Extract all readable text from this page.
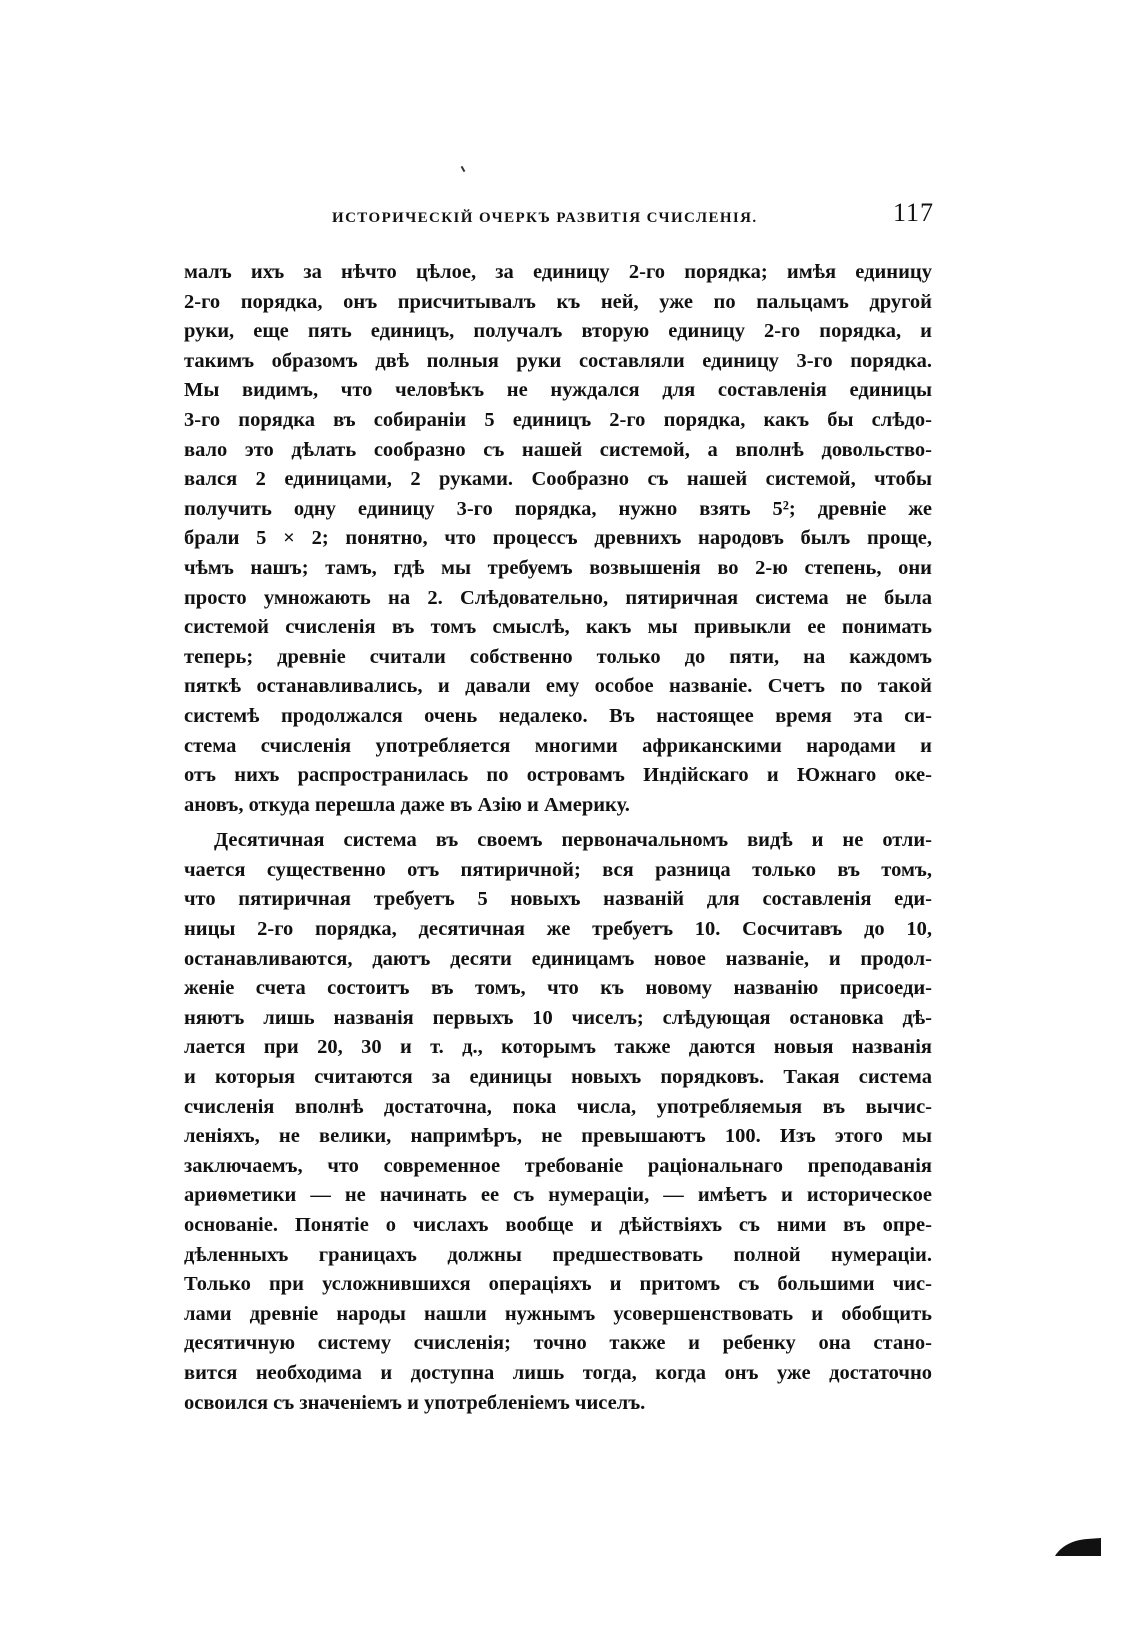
ИСТОРИЧЕСКІЙ ОЧЕРКЪ РАЗВИТІЯ СЧИСЛЕНІЯ.	117
малъ ихъ за нѣчто цѣлое, за единицу 2-го порядка; имѣя единицу
2-го порядка, онъ присчитывалъ къ ней, уже по пальцамъ другой
руки, еще пять единицъ, получалъ вторую единицу 2-го порядка, и
такимъ образомъ двѣ полныя руки составляли единицу 3-го порядка.
Мы видимъ, что человѣкъ не нуждался для составленія единицы
3-го порядка въ собираніи 5 единицъ 2-го порядка, какъ бы слѣдо-
вало это дѣлать сообразно съ нашей системой, а вполнѣ довольство-
вался 2 единицами, 2 руками. Сообразно съ нашей системой, чтобы
получить одну единицу 3-го порядка, нужно взять 5²; древніе же
брали 5 × 2; понятно, что процессъ древнихъ народовъ былъ проще,
чѣмъ нашъ; тамъ, гдѣ мы требуемъ возвышенія во 2-ю степень, они
просто умножають на 2. Слѣдовательно, пятиричная система не была
системой счисленія въ томъ смыслѣ, какъ мы привыкли ее понимать
теперь; древніе считали собственно только до пяти, на каждомъ
пяткѣ останавливались, и давали ему особое названіе. Счетъ по такой
системѣ продолжался очень недалеко. Въ настоящее время эта си-
стема счисленія употребляется многими африканскими народами и
отъ нихъ распространилась по островамъ Индійскаго и Южнаго оке-
ановъ, откуда перешла даже въ Азію и Америку.
Десятичная система въ своемъ первоначальномъ видѣ и не отли-
чается существенно отъ пятиричной; вся разница только въ томъ,
что пятиричная требуетъ 5 новыхъ названій для составленія еди-
ницы 2-го порядка, десятичная же требуетъ 10. Сосчитавъ до 10,
останавливаются, даютъ десяти единицамъ новое названіе, и продол-
женіе счета состоитъ въ томъ, что къ новому названію присоеди-
няютъ лишь названія первыхъ 10 чиселъ; слѣдующая остановка дѣ-
лается при 20, 30 и т. д., которымъ также даются новыя названія
и которыя считаются за единицы новыхъ порядковъ. Такая система
счисленія вполнѣ достаточна, пока числа, употребляемыя въ вычис-
леніяхъ, не велики, напримѣръ, не превышаютъ 100. Изъ этого мы
заключаемъ, что современное требованіе раціональнаго преподаванія
ариѳметики — не начинать ее съ нумераціи, — имѣетъ и историческое
основаніе. Понятіе о числахъ вообще и дѣйствіяхъ съ ними въ опре-
дѣленныхъ границахъ должны предшествовать полной нумераціи.
Только при усложнившихся операціяхъ и притомъ съ большими чис-
лами древніе народы нашли нужнымъ усовершенствовать и обобщить
десятичную систему счисленія; точно также и ребенку она стано-
вится необходима и доступна лишь тогда, когда онъ уже достаточно
освоился съ значеніемъ и употребленіемъ чиселъ.
